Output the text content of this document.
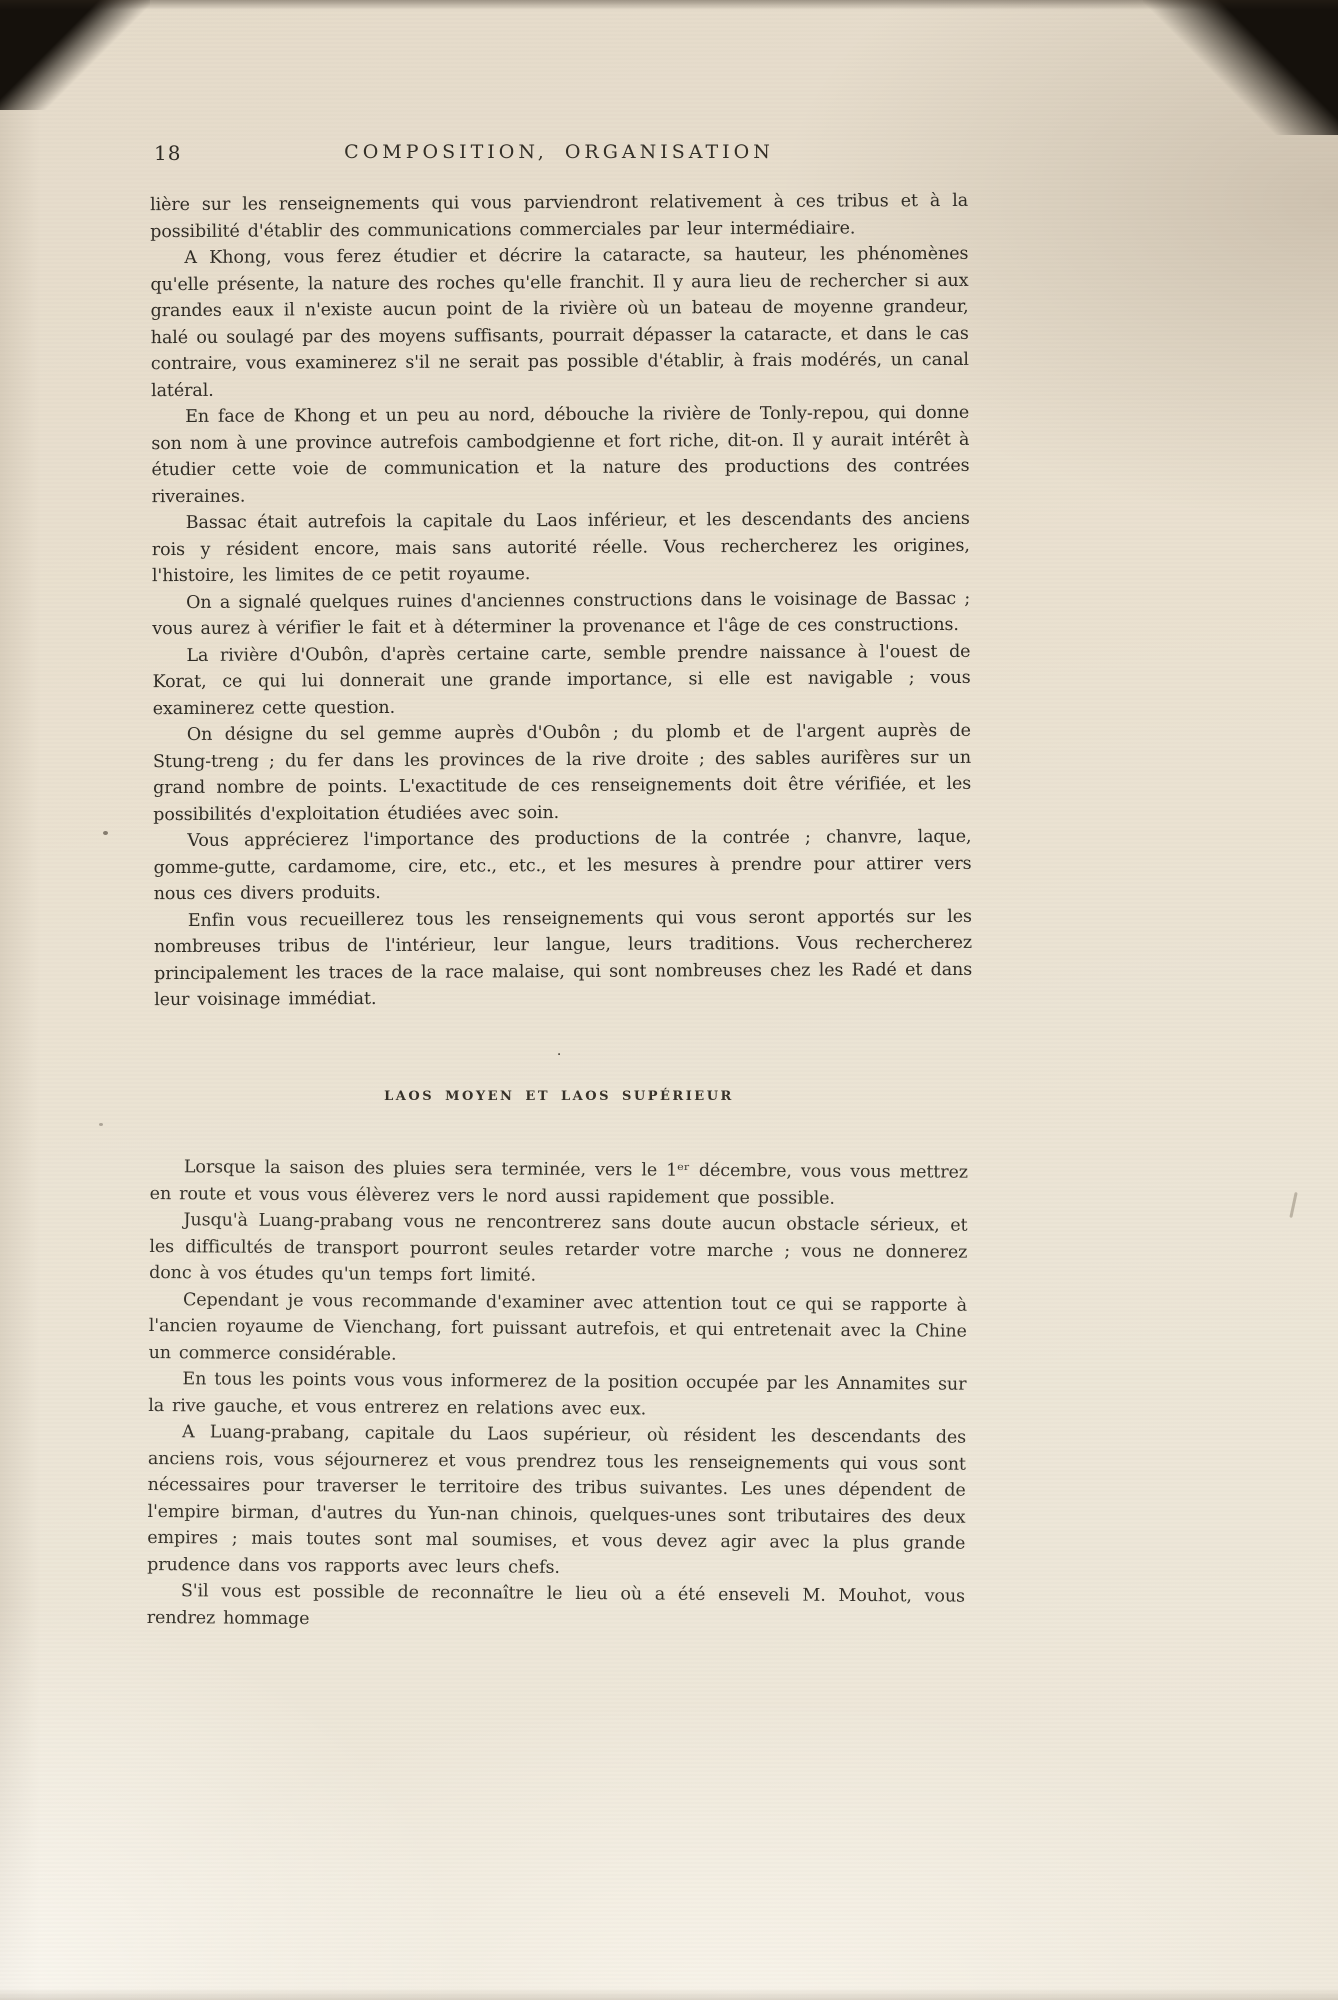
18	COMPOSITION, ORGANISATION

lière sur les renseignements qui vous parviendront relativement à ces tribus et à la possibilité d'établir des communications commerciales par leur intermédiaire.

A Khong, vous ferez étudier et décrire la cataracte, sa hauteur, les phénomènes qu'elle présente, la nature des roches qu'elle franchit. Il y aura lieu de rechercher si aux grandes eaux il n'existe aucun point de la rivière où un bateau de moyenne grandeur, halé ou soulagé par des moyens suffisants, pourrait dépasser la cataracte, et dans le cas contraire, vous examinerez s'il ne serait pas possible d'établir, à frais modérés, un canal latéral.

En face de Khong et un peu au nord, débouche la rivière de Tonly-repou, qui donne son nom à une province autrefois cambodgienne et fort riche, dit-on. Il y aurait intérêt à étudier cette voie de communication et la nature des productions des contrées riveraines.

Bassac était autrefois la capitale du Laos inférieur, et les descendants des anciens rois y résident encore, mais sans autorité réelle. Vous rechercherez les origines, l'histoire, les limites de ce petit royaume.

On a signalé quelques ruines d'anciennes constructions dans le voisinage de Bassac ; vous aurez à vérifier le fait et à déterminer la provenance et l'âge de ces constructions.

La rivière d'Oubôn, d'après certaine carte, semble prendre naissance à l'ouest de Korat, ce qui lui donnerait une grande importance, si elle est navigable ; vous examinerez cette question.

On désigne du sel gemme auprès d'Oubôn ; du plomb et de l'argent auprès de Stung-treng ; du fer dans les provinces de la rive droite ; des sables aurifères sur un grand nombre de points. L'exactitude de ces renseignements doit être vérifiée, et les possibilités d'exploitation étudiées avec soin.

Vous apprécierez l'importance des productions de la contrée ; chanvre, laque, gomme-gutte, cardamome, cire, etc., etc., et les mesures à prendre pour attirer vers nous ces divers produits.

Enfin vous recueillerez tous les renseignements qui vous seront apportés sur les nombreuses tribus de l'intérieur, leur langue, leurs traditions. Vous rechercherez principalement les traces de la race malaise, qui sont nombreuses chez les Radé et dans leur voisinage immédiat.

·
LAOS MOYEN ET LAOS SUPÉRIEUR

Lorsque la saison des pluies sera terminée, vers le 1ᵉʳ décembre, vous vous mettrez en route et vous vous élèverez vers le nord aussi rapidement que possible.

Jusqu'à Luang-prabang vous ne rencontrerez sans doute aucun obstacle sérieux, et les difficultés de transport pourront seules retarder votre marche ; vous ne donnerez donc à vos études qu'un temps fort limité.

Cependant je vous recommande d'examiner avec attention tout ce qui se rapporte à l'ancien royaume de Vienchang, fort puissant autrefois, et qui entretenait avec la Chine un commerce considérable.

En tous les points vous vous informerez de la position occupée par les Annamites sur la rive gauche, et vous entrerez en relations avec eux.

A Luang-prabang, capitale du Laos supérieur, où résident les descendants des anciens rois, vous séjournerez et vous prendrez tous les renseignements qui vous sont nécessaires pour traverser le territoire des tribus suivantes. Les unes dépendent de l'empire birman, d'autres du Yun-nan chinois, quelques-unes sont tributaires des deux empires ; mais toutes sont mal soumises, et vous devez agir avec la plus grande prudence dans vos rapports avec leurs chefs.

S'il vous est possible de reconnaître le lieu où a été enseveli M. Mouhot, vous rendrez hommage
